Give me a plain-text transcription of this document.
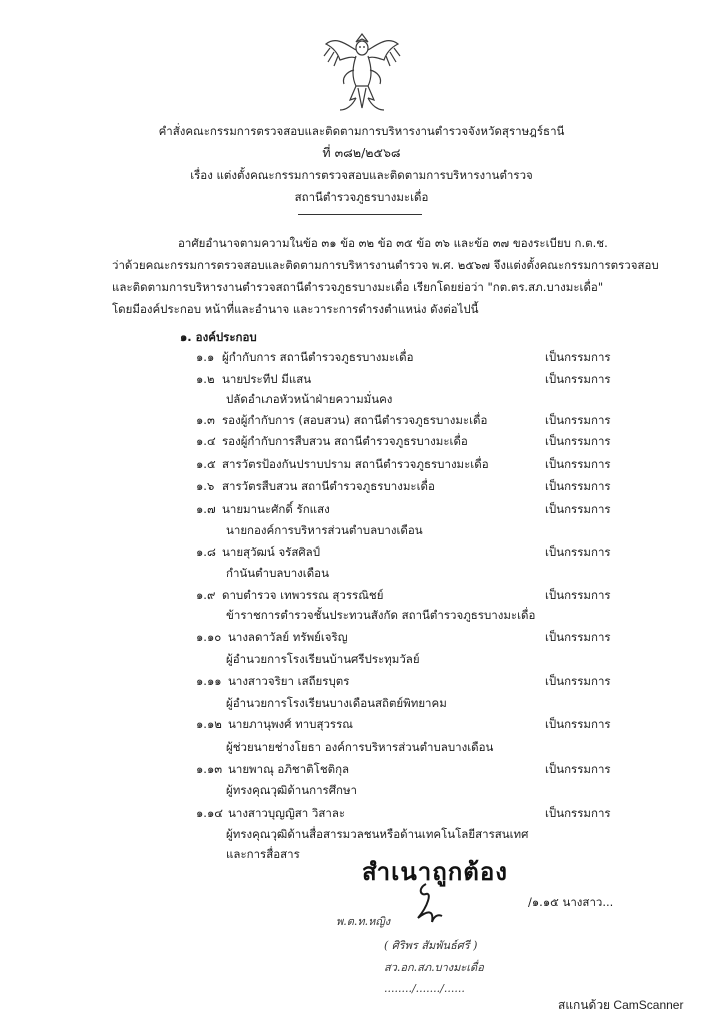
คำสั่งคณะกรรมการตรวจสอบและติดตามการบริหารงานตำรวจจังหวัดสุราษฎร์ธานี
ที่ ๓๘๒/๒๕๖๘
เรื่อง แต่งตั้งคณะกรรมการตรวจสอบและติดตามการบริหารงานตำรวจ
สถานีตำรวจภูธรบางมะเดื่อ
อาศัยอำนาจตามความในข้อ ๓๑ ข้อ ๓๒ ข้อ ๓๕ ข้อ ๓๖ และข้อ ๓๗ ของระเบียบ ก.ต.ช.
ว่าด้วยคณะกรรมการตรวจสอบและติดตามการบริหารงานตำรวจ พ.ศ. ๒๕๖๗ จึงแต่งตั้งคณะกรรมการตรวจสอบ
และติดตามการบริหารงานตำรวจสถานีตำรวจภูธรบางมะเดื่อ เรียกโดยย่อว่า "กต.ตร.สภ.บางมะเดื่อ"
โดยมีองค์ประกอบ หน้าที่และอำนาจ และวาระการดำรงตำแหน่ง ดังต่อไปนี้
๑. องค์ประกอบ
๑.๑ ผู้กำกับการ สถานีตำรวจภูธรบางมะเดื่อ	เป็นกรรมการ
๑.๒ นายประทีป มีแสน	เป็นกรรมการ
ปลัดอำเภอหัวหน้าฝ่ายความมั่นคง
๑.๓ รองผู้กำกับการ (สอบสวน) สถานีตำรวจภูธรบางมะเดื่อ	เป็นกรรมการ
๑.๔ รองผู้กำกับการสืบสวน สถานีตำรวจภูธรบางมะเดื่อ	เป็นกรรมการ
๑.๕ สารวัตรป้องกันปราบปราม สถานีตำรวจภูธรบางมะเดื่อ	เป็นกรรมการ
๑.๖ สารวัตรสืบสวน สถานีตำรวจภูธรบางมะเดื่อ	เป็นกรรมการ
๑.๗ นายมานะศักดิ์ รักแสง	เป็นกรรมการ
นายกองค์การบริหารส่วนตำบลบางเดือน
๑.๘ นายสุวัฒน์ จรัสศิลป์	เป็นกรรมการ
กำนันตำบลบางเดือน
๑.๙ ดาบตำรวจ เทพวรรณ สุวรรณิชย์	เป็นกรรมการ
ข้าราชการตำรวจชั้นประทวนสังกัด สถานีตำรวจภูธรบางมะเดื่อ
๑.๑๐ นางลดาวัลย์ ทรัพย์เจริญ	เป็นกรรมการ
ผู้อำนวยการโรงเรียนบ้านศรีประทุมวัลย์
๑.๑๑ นางสาวจริยา เสถียรบุตร	เป็นกรรมการ
ผู้อำนวยการโรงเรียนบางเดือนสถิตย์พิทยาคม
๑.๑๒ นายภานุพงศ์ ทาบสุวรรณ	เป็นกรรมการ
ผู้ช่วยนายช่างโยธา องค์การบริหารส่วนตำบลบางเดือน
๑.๑๓ นายพาณุ อภิชาติโชติกุล	เป็นกรรมการ
ผู้ทรงคุณวุฒิด้านการศึกษา
๑.๑๔ นางสาวบุญญิสา วิสาละ	เป็นกรรมการ
ผู้ทรงคุณวุฒิด้านสื่อสารมวลชนหรือด้านเทคโนโลยีสารสนเทศ
และการสื่อสาร
สำเนาถูกต้อง
/๑.๑๕ นางสาว...
พ.ต.ท.หญิง
( ศิริพร สัมพันธ์ศรี )
สว.อก.สภ.บางมะเดื่อ
......../......./......
สแกนด้วย CamScanner
